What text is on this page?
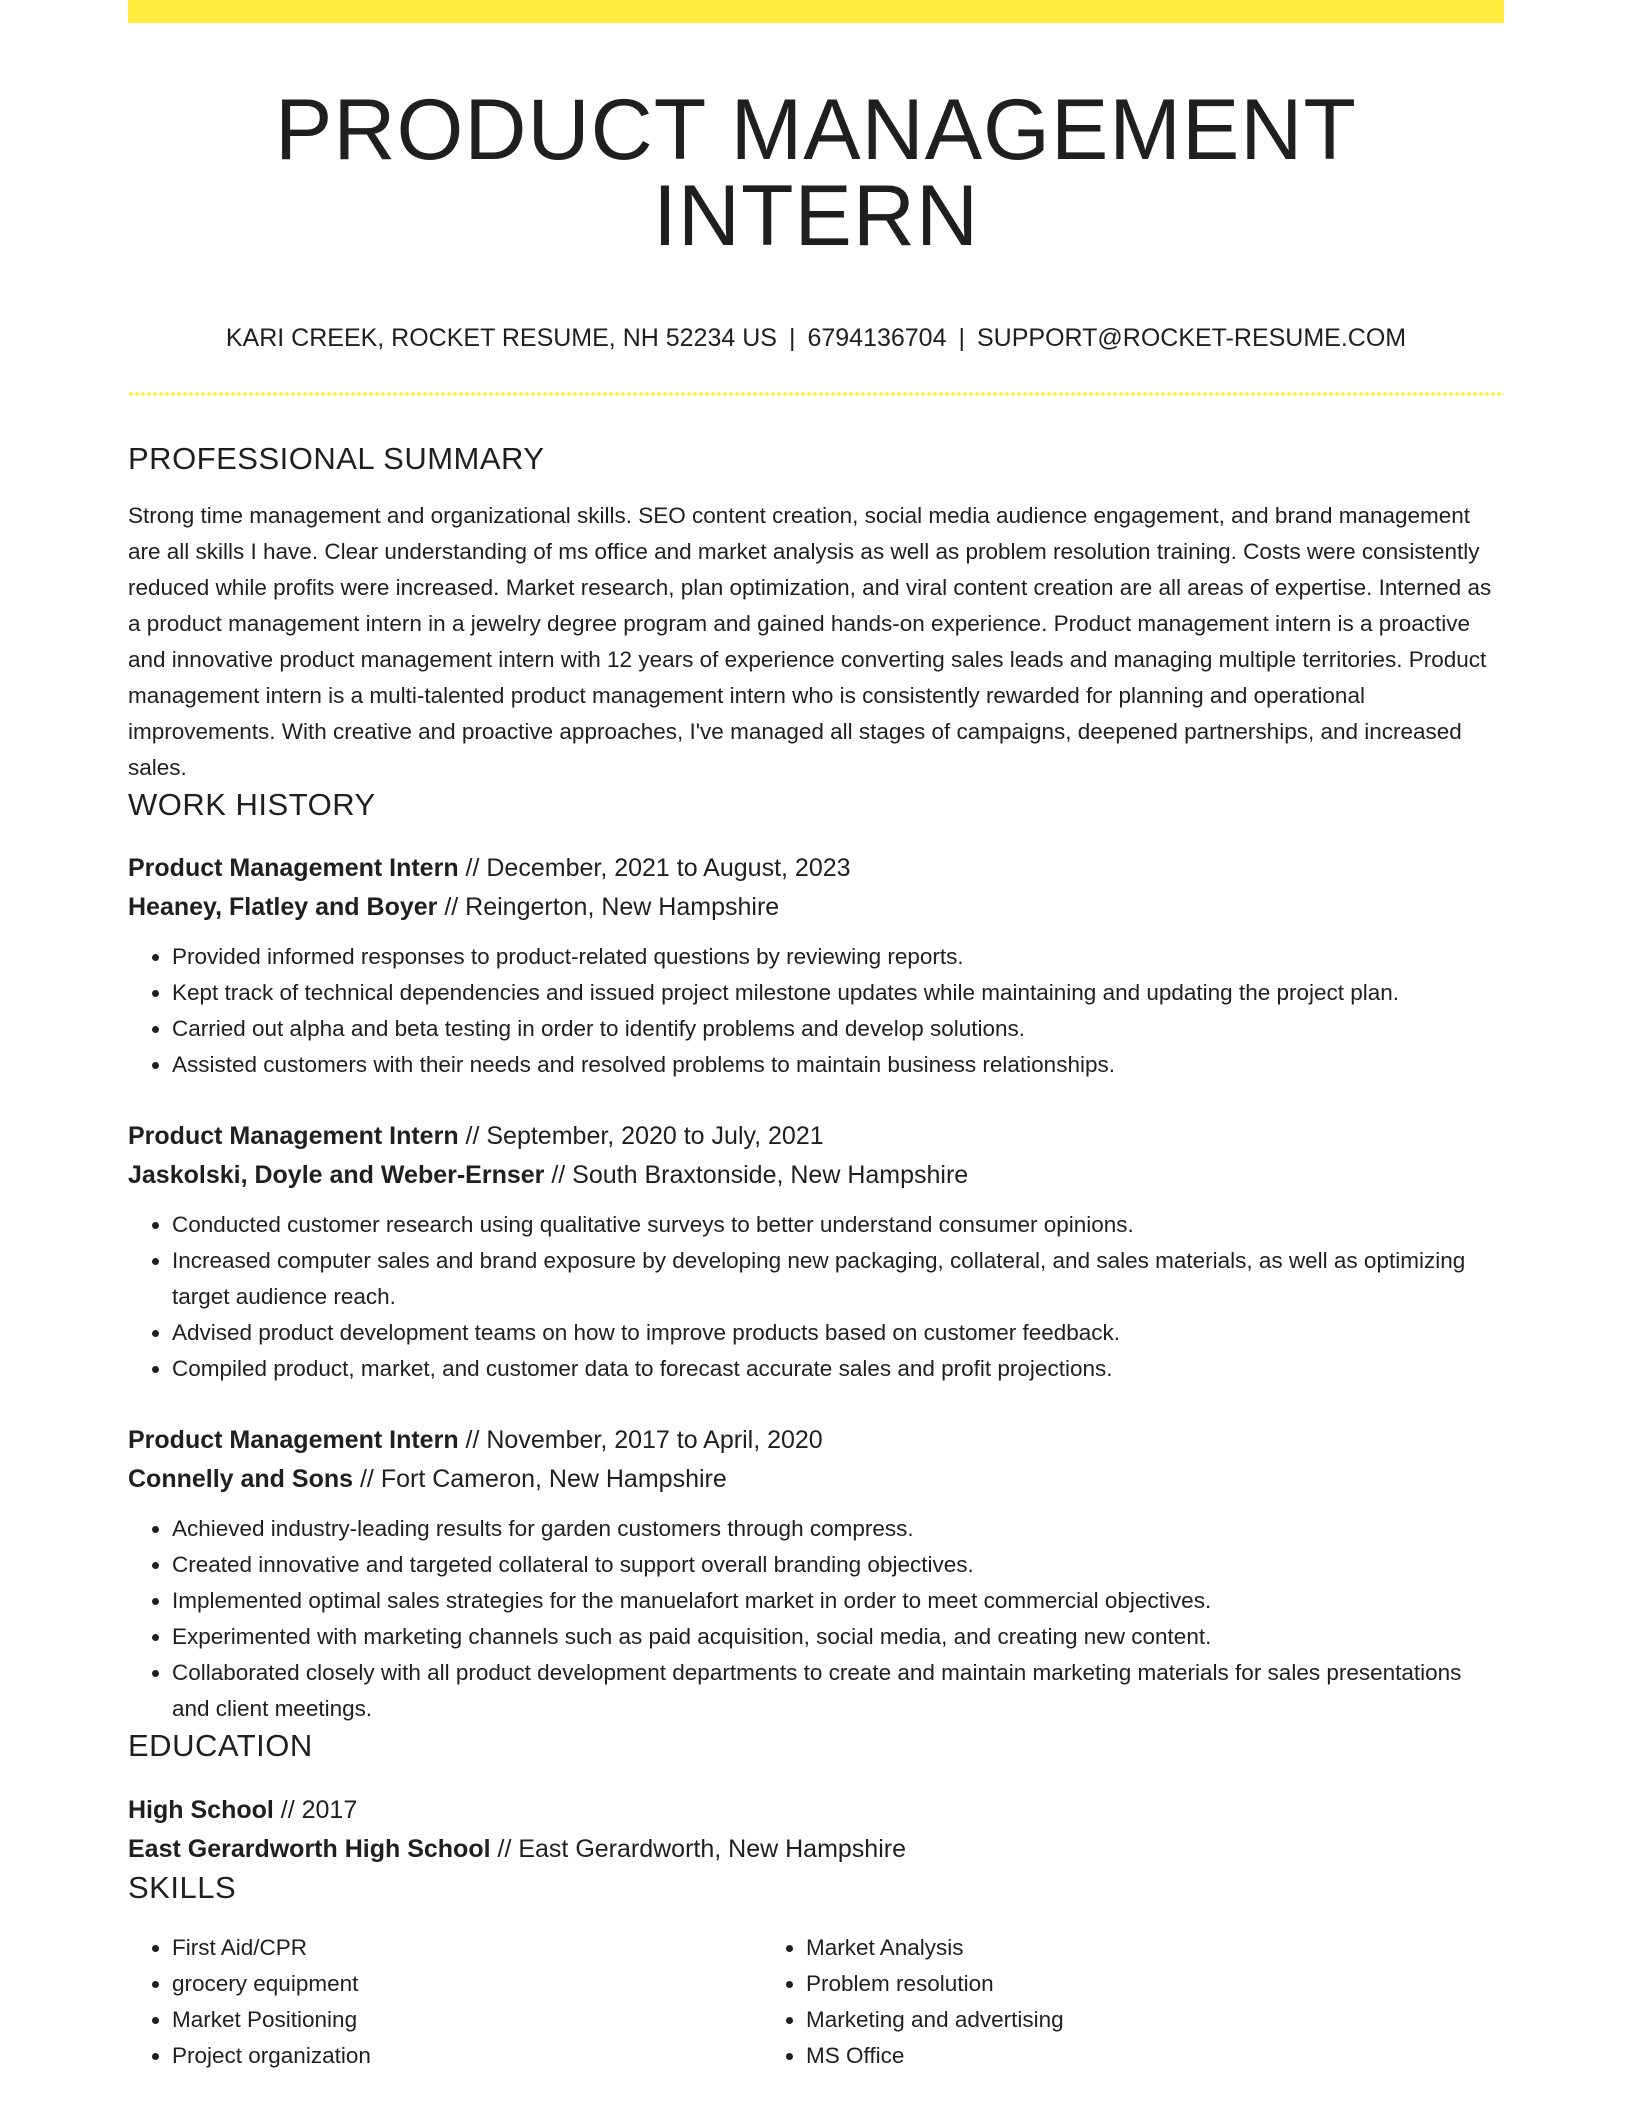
PRODUCT MANAGEMENT INTERN
KARI CREEK, ROCKET RESUME, NH 52234 US | 6794136704 | SUPPORT@ROCKET-RESUME.COM
PROFESSIONAL SUMMARY
Strong time management and organizational skills. SEO content creation, social media audience engagement, and brand management are all skills I have. Clear understanding of ms office and market analysis as well as problem resolution training. Costs were consistently reduced while profits were increased. Market research, plan optimization, and viral content creation are all areas of expertise. Interned as a product management intern in a jewelry degree program and gained hands-on experience. Product management intern is a proactive and innovative product management intern with 12 years of experience converting sales leads and managing multiple territories. Product management intern is a multi-talented product management intern who is consistently rewarded for planning and operational improvements. With creative and proactive approaches, I've managed all stages of campaigns, deepened partnerships, and increased sales.
WORK HISTORY
Product Management Intern // December, 2021 to August, 2023
Heaney, Flatley and Boyer // Reingerton, New Hampshire
• Provided informed responses to product-related questions by reviewing reports.
• Kept track of technical dependencies and issued project milestone updates while maintaining and updating the project plan.
• Carried out alpha and beta testing in order to identify problems and develop solutions.
• Assisted customers with their needs and resolved problems to maintain business relationships.
Product Management Intern // September, 2020 to July, 2021
Jaskolski, Doyle and Weber-Ernser // South Braxtonside, New Hampshire
• Conducted customer research using qualitative surveys to better understand consumer opinions.
• Increased computer sales and brand exposure by developing new packaging, collateral, and sales materials, as well as optimizing target audience reach.
• Advised product development teams on how to improve products based on customer feedback.
• Compiled product, market, and customer data to forecast accurate sales and profit projections.
Product Management Intern // November, 2017 to April, 2020
Connelly and Sons // Fort Cameron, New Hampshire
• Achieved industry-leading results for garden customers through compress.
• Created innovative and targeted collateral to support overall branding objectives.
• Implemented optimal sales strategies for the manuelafort market in order to meet commercial objectives.
• Experimented with marketing channels such as paid acquisition, social media, and creating new content.
• Collaborated closely with all product development departments to create and maintain marketing materials for sales presentations and client meetings.
EDUCATION
High School // 2017
East Gerardworth High School // East Gerardworth, New Hampshire
SKILLS
• First Aid/CPR
• grocery equipment
• Market Positioning
• Project organization
• Market Analysis
• Problem resolution
• Marketing and advertising
• MS Office
